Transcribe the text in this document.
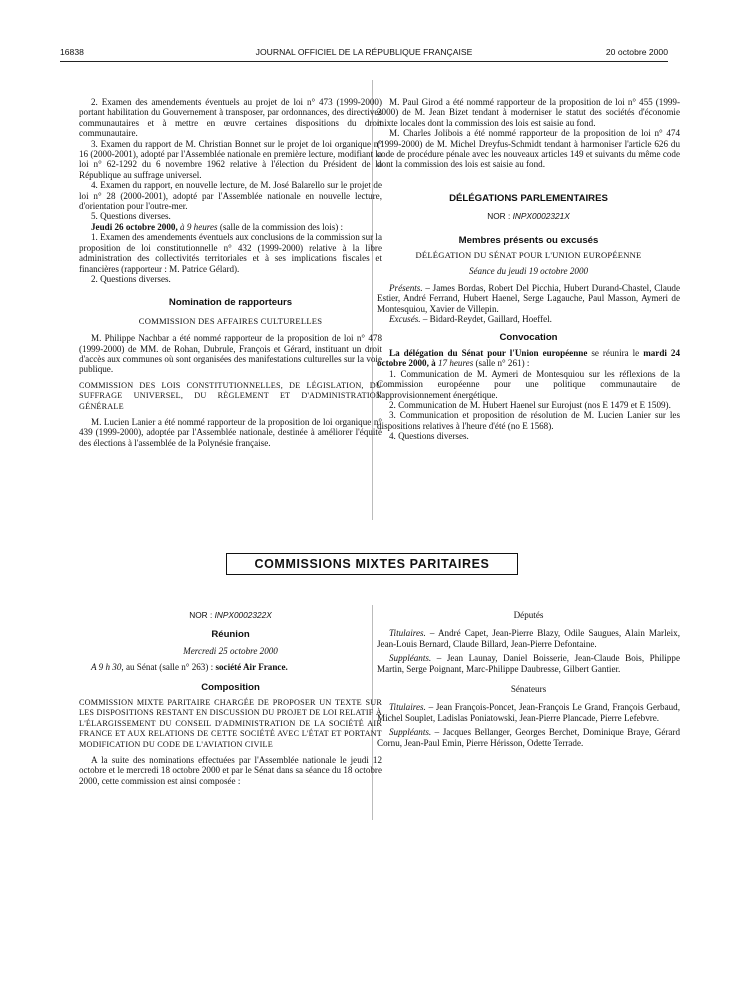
16838	JOURNAL OFFICIEL DE LA RÉPUBLIQUE FRANÇAISE	20 octobre 2000

2. Examen des amendements éventuels au projet de loi n° 473 (1999-2000) portant habilitation du Gouvernement à transposer, par ordonnances, des directives communautaires et à mettre en œuvre certaines dispositions du droit communautaire.

3. Examen du rapport de M. Christian Bonnet sur le projet de loi organique n° 16 (2000-2001), adopté par l'Assemblée nationale en première lecture, modifiant la loi n° 62-1292 du 6 novembre 1962 relative à l'élection du Président de la République au suffrage universel.

4. Examen du rapport, en nouvelle lecture, de M. José Balarello sur le projet de loi n° 28 (2000-2001), adopté par l'Assemblée nationale en nouvelle lecture, d'orientation pour l'outre-mer.

5. Questions diverses.

Jeudi 26 octobre 2000, à 9 heures (salle de la commission des lois) :

1. Examen des amendements éventuels aux conclusions de la commission sur la proposition de loi constitutionnelle n° 432 (1999-2000) relative à la libre administration des collectivités territoriales et à ses implications fiscales et financières (rapporteur : M. Patrice Gélard).

2. Questions diverses.

Nomination de rapporteurs
COMMISSION DES AFFAIRES CULTURELLES

M. Philippe Nachbar a été nommé rapporteur de la proposition de loi n° 478 (1999-2000) de MM. de Rohan, Dubrule, François et Gérard, instituant un droit d'accès aux communes où sont organisées des manifestations culturelles sur la voie publique.

COMMISSION DES LOIS CONSTITUTIONNELLES, DE LÉGISLATION, DU SUFFRAGE UNIVERSEL, DU RÈGLEMENT ET D'ADMINISTRATION GÉNÉRALE

M. Lucien Lanier a été nommé rapporteur de la proposition de loi organique n° 439 (1999-2000), adoptée par l'Assemblée nationale, destinée à améliorer l'équité des élections à l'assemblée de la Polynésie française.

M. Paul Girod a été nommé rapporteur de la proposition de loi n° 455 (1999-2000) de M. Jean Bizet tendant à moderniser le statut des sociétés d'économie mixte locales dont la commission des lois est saisie au fond.

M. Charles Jolibois a été nommé rapporteur de la proposition de loi n° 474 (1999-2000) de M. Michel Dreyfus-Schmidt tendant à harmoniser l'article 626 du code de procédure pénale avec les nouveaux articles 149 et suivants du même code dont la commission des lois est saisie au fond.

DÉLÉGATIONS PARLEMENTAIRES
NOR : INPX0002321X
Membres présents ou excusés
DÉLÉGATION DU SÉNAT POUR L'UNION EUROPÉENNE
Séance du jeudi 19 octobre 2000

Présents. – James Bordas, Robert Del Picchia, Hubert Durand-Chastel, Claude Estier, André Ferrand, Hubert Haenel, Serge Lagauche, Paul Masson, Aymeri de Montesquiou, Xavier de Villepin.

Excusés. – Bidard-Reydet, Gaillard, Hoeffel.

Convocation

La délégation du Sénat pour l'Union européenne se réunira le mardi 24 octobre 2000, à 17 heures (salle n° 261) :

1. Communication de M. Aymeri de Montesquiou sur les réflexions de la Commission européenne pour une politique communautaire de l'approvisionnement énergétique.

2. Communication de M. Hubert Haenel sur Eurojust (nos E 1479 et E 1509).

3. Communication et proposition de résolution de M. Lucien Lanier sur les dispositions relatives à l'heure d'été (no E 1568).

4. Questions diverses.

COMMISSIONS MIXTES PARITAIRES
NOR : INPX0002322X
Réunion
Mercredi 25 octobre 2000

A 9 h 30, au Sénat (salle n° 263) : société Air France.

Composition

COMMISSION MIXTE PARITAIRE CHARGÉE DE PROPOSER UN TEXTE SUR LES DISPOSITIONS RESTANT EN DISCUSSION DU PROJET DE LOI RELATIF À L'ÉLARGISSEMENT DU CONSEIL D'ADMINISTRATION DE LA SOCIÉTÉ AIR FRANCE ET AUX RELATIONS DE CETTE SOCIÉTÉ AVEC L'ÉTAT ET PORTANT MODIFICATION DU CODE DE L'AVIATION CIVILE

A la suite des nominations effectuées par l'Assemblée nationale le jeudi 12 octobre et le mercredi 18 octobre 2000 et par le Sénat dans sa séance du 18 octobre 2000, cette commission est ainsi composée :

Députés

Titulaires. – André Capet, Jean-Pierre Blazy, Odile Saugues, Alain Marleix, Jean-Louis Bernard, Claude Billard, Jean-Pierre Defontaine.

Suppléants. – Jean Launay, Daniel Boisserie, Jean-Claude Bois, Philippe Martin, Serge Poignant, Marc-Philippe Daubresse, Gilbert Gantier.

Sénateurs

Titulaires. – Jean François-Poncet, Jean-François Le Grand, François Gerbaud, Michel Souplet, Ladislas Poniatowski, Jean-Pierre Plancade, Pierre Lefebvre.

Suppléants. – Jacques Bellanger, Georges Berchet, Dominique Braye, Gérard Cornu, Jean-Paul Emin, Pierre Hérisson, Odette Terrade.
